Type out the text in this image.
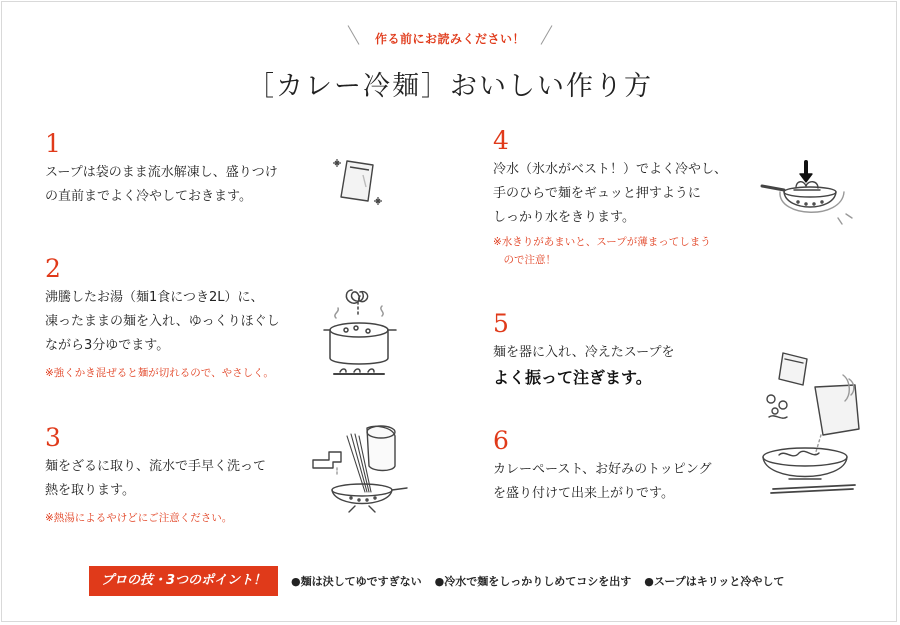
作る前にお読みください！
［カレー冷麺］おいしい作り方
1
スープは袋のまま流水解凍し、盛りつけ
の直前までよく冷やしておきます。
2
沸騰したお湯（麺1食につき2L）に、
凍ったままの麺を入れ、ゆっくりほぐし
ながら3分ゆでます。
※強くかき混ぜると麺が切れるので、やさしく。
3
麺をざるに取り、流水で手早く洗って
熱を取ります。
※熱湯によるやけどにご注意ください。
4
冷水（氷水がベスト！）でよく冷やし、
手のひらで麺をギュッと押すように
しっかり水をきります。
※水きりがあまいと、スープが薄まってしまう
　ので注意！
5
麺を器に入れ、冷えたスープを
よく振って注ぎます。
6
カレーペースト、お好みのトッピング
を盛り付けて出来上がりです。
プロの技・3つのポイント！	●麺は決してゆですぎない ●冷水で麺をしっかりしめてコシを出す ●スープはキリッと冷やして
